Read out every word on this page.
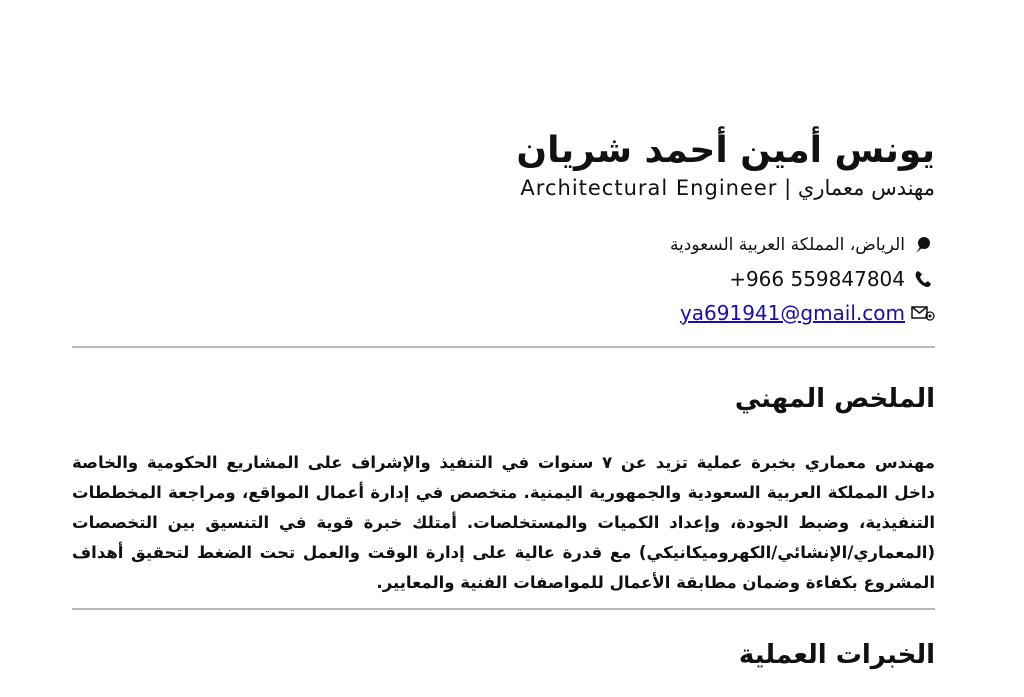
يونس أمين أحمد شريان

مهندس معماري | Architectural Engineer

الرياض، المملكة العربية السعودية
+966 559847804
ya691941@gmail.com
الملخص المهني

مهندس معماري بخبرة عملية تزيد عن ٧ سنوات في التنفيذ والإشراف على المشاريع الحكومية والخاصة داخل المملكة العربية السعودية والجمهورية اليمنية. متخصص في إدارة أعمال المواقع، ومراجعة المخططات التنفيذية، وضبط الجودة، وإعداد الكميات والمستخلصات. أمتلك خبرة قوية في التنسيق بين التخصصات (المعماري/الإنشائي/الكهروميكانيكي) مع قدرة عالية على إدارة الوقت والعمل تحت الضغط لتحقيق أهداف المشروع بكفاءة وضمان مطابقة الأعمال للمواصفات الفنية والمعايير.

الخبرات العملية
